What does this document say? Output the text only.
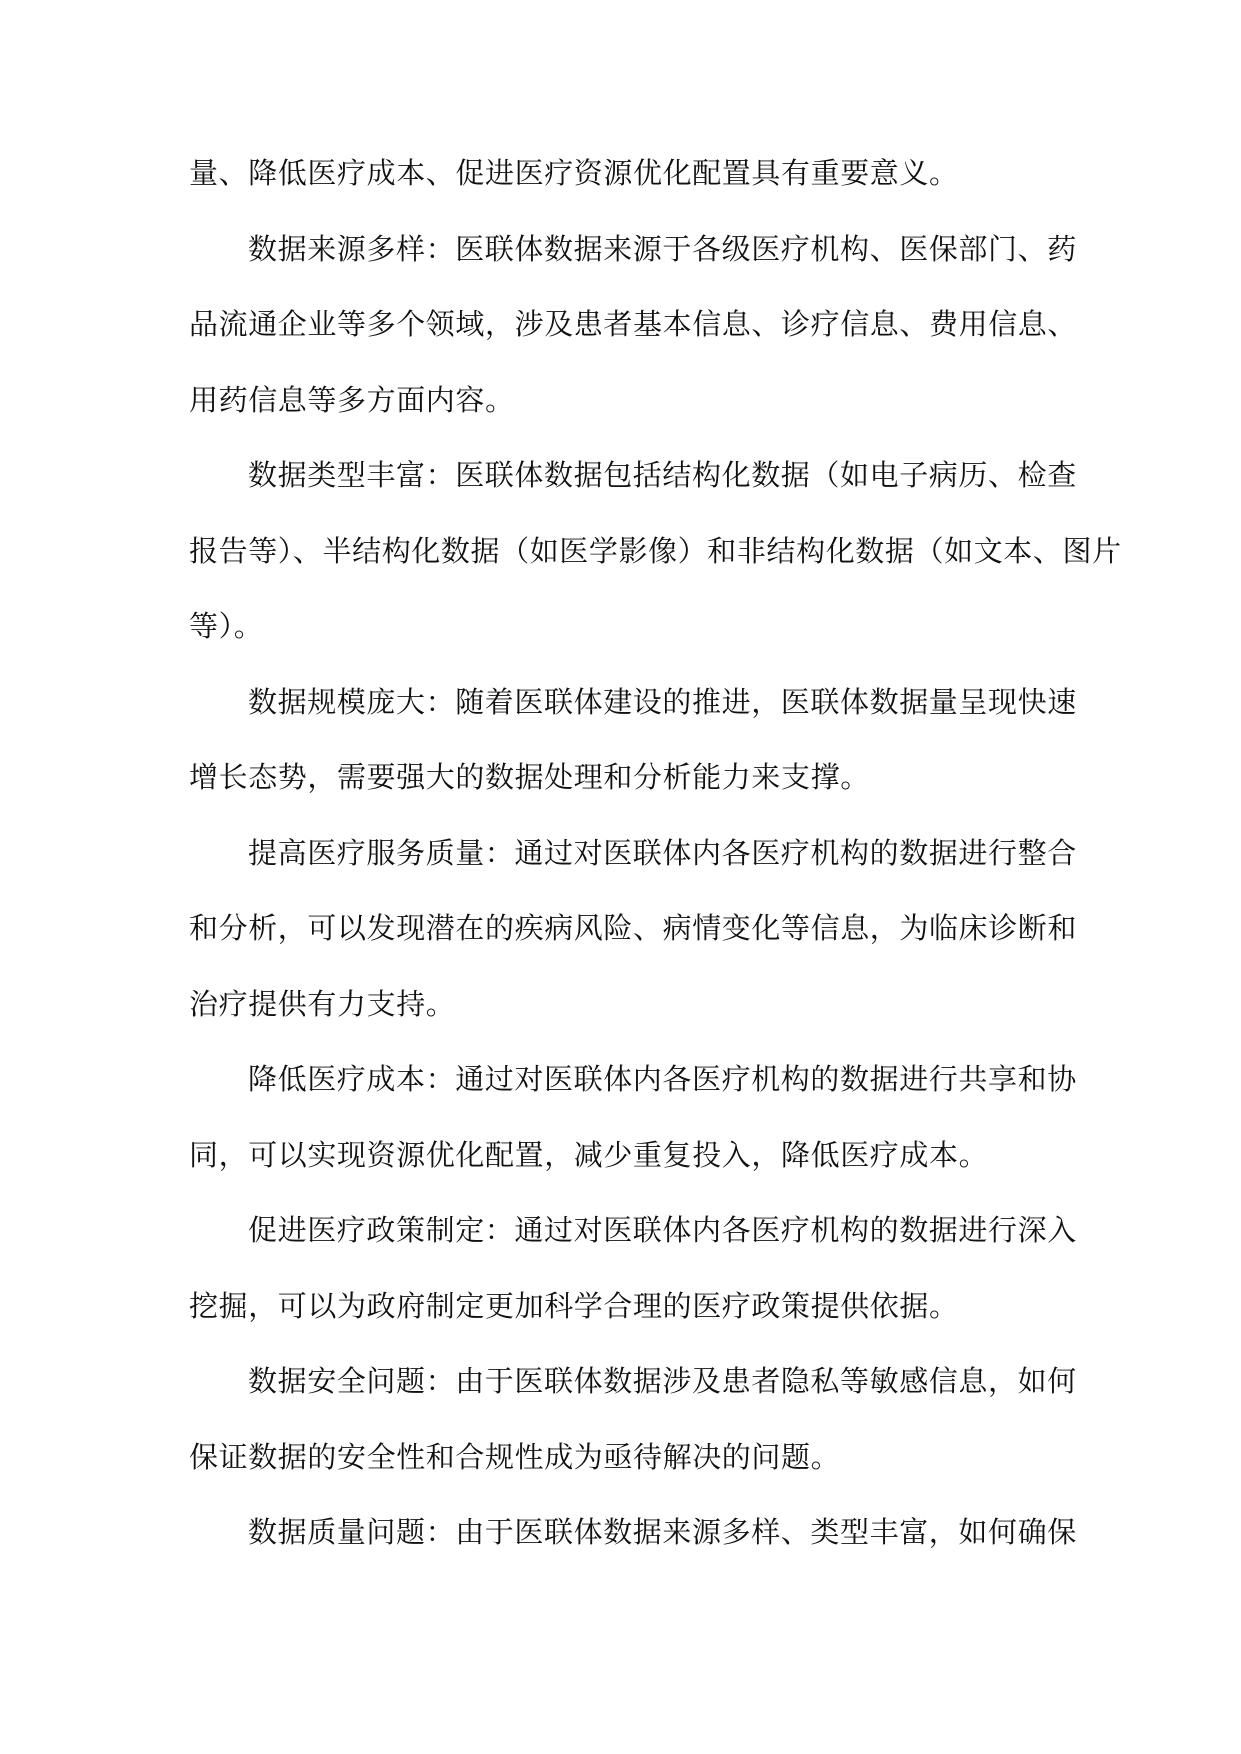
量、降低医疗成本、促进医疗资源优化配置具有重要意义。
数据来源多样：医联体数据来源于各级医疗机构、医保部门、药
品流通企业等多个领域，涉及患者基本信息、诊疗信息、费用信息、
用药信息等多方面内容。
数据类型丰富：医联体数据包括结构化数据（如电子病历、检查
报告等）、半结构化数据（如医学影像）和非结构化数据（如文本、图片
等）。
数据规模庞大：随着医联体建设的推进，医联体数据量呈现快速
增长态势，需要强大的数据处理和分析能力来支撑。
提高医疗服务质量：通过对医联体内各医疗机构的数据进行整合
和分析，可以发现潜在的疾病风险、病情变化等信息，为临床诊断和
治疗提供有力支持。
降低医疗成本：通过对医联体内各医疗机构的数据进行共享和协
同，可以实现资源优化配置，减少重复投入，降低医疗成本。
促进医疗政策制定：通过对医联体内各医疗机构的数据进行深入
挖掘，可以为政府制定更加科学合理的医疗政策提供依据。
数据安全问题：由于医联体数据涉及患者隐私等敏感信息，如何
保证数据的安全性和合规性成为亟待解决的问题。
数据质量问题：由于医联体数据来源多样、类型丰富，如何确保
